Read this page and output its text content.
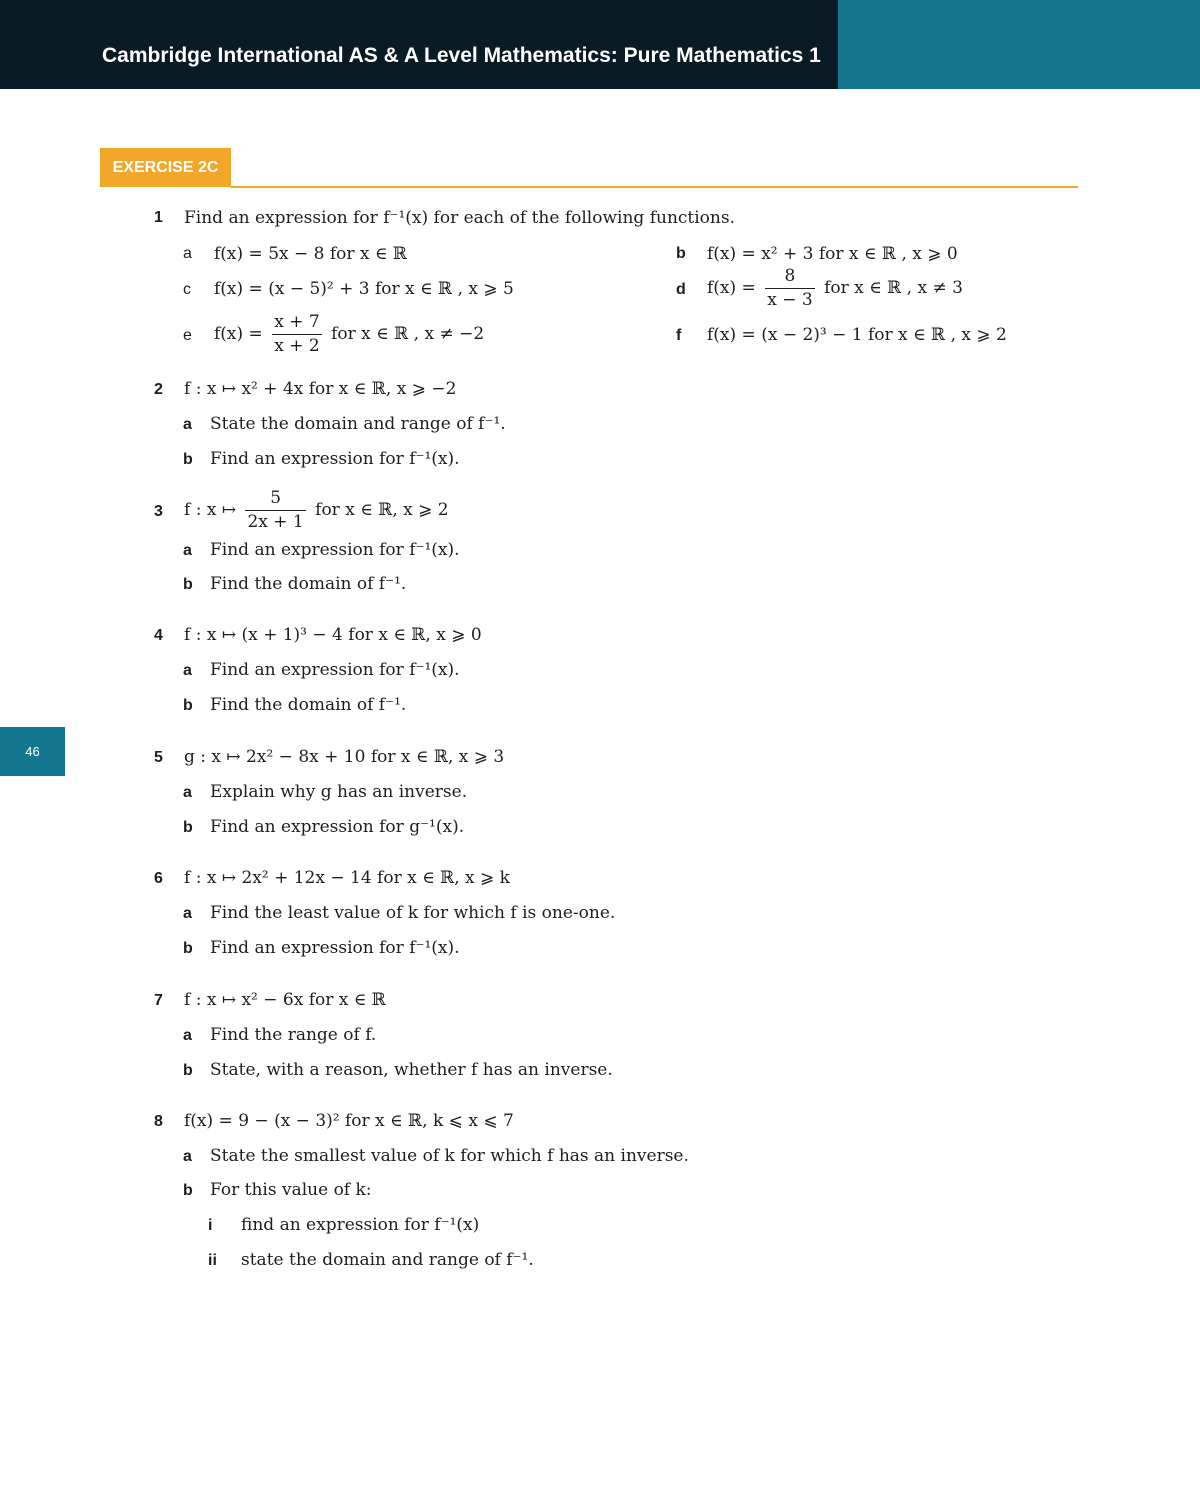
Cambridge International AS & A Level Mathematics: Pure Mathematics 1
EXERCISE 2C
46
1 Find an expression for f⁻¹(x) for each of the following functions.
a f(x) = 5x − 8 for x ∈ ℝ	b f(x) = x² + 3 for x ∈ ℝ , x ⩾ 0
c f(x) = (x − 5)² + 3 for x ∈ ℝ , x ⩾ 5	d $f(x) = \frac{8}{x - 3}$ for x ∈ ℝ , x ≠ 3
e $f(x) = \frac{x + 7}{x + 2}$ for x ∈ ℝ , x ≠ −2	f f(x) = (x − 2)³ − 1 for x ∈ ℝ , x ⩾ 2
2 f : x ↦ x² + 4x for x ∈ ℝ, x ⩾ −2
a State the domain and range of f⁻¹.
b Find an expression for f⁻¹(x).
3 f : x ↦ $\frac{5}{2x + 1}$ for x ∈ ℝ, x ⩾ 2
a Find an expression for f⁻¹(x).
b Find the domain of f⁻¹.
4 f : x ↦ (x + 1)³ − 4 for x ∈ ℝ, x ⩾ 0
a Find an expression for f⁻¹(x).
b Find the domain of f⁻¹.
5 g : x ↦ 2x² − 8x + 10 for x ∈ ℝ, x ⩾ 3
a Explain why g has an inverse.
b Find an expression for g⁻¹(x).
6 f : x ↦ 2x² + 12x − 14 for x ∈ ℝ, x ⩾ k
a Find the least value of k for which f is one-one.
b Find an expression for f⁻¹(x).
7 f : x ↦ x² − 6x for x ∈ ℝ
a Find the range of f.
b State, with a reason, whether f has an inverse.
8 f(x) = 9 − (x − 3)² for x ∈ ℝ, k ⩽ x ⩽ 7
a State the smallest value of k for which f has an inverse.
b For this value of k:
i find an expression for f⁻¹(x)
ii state the domain and range of f⁻¹.
